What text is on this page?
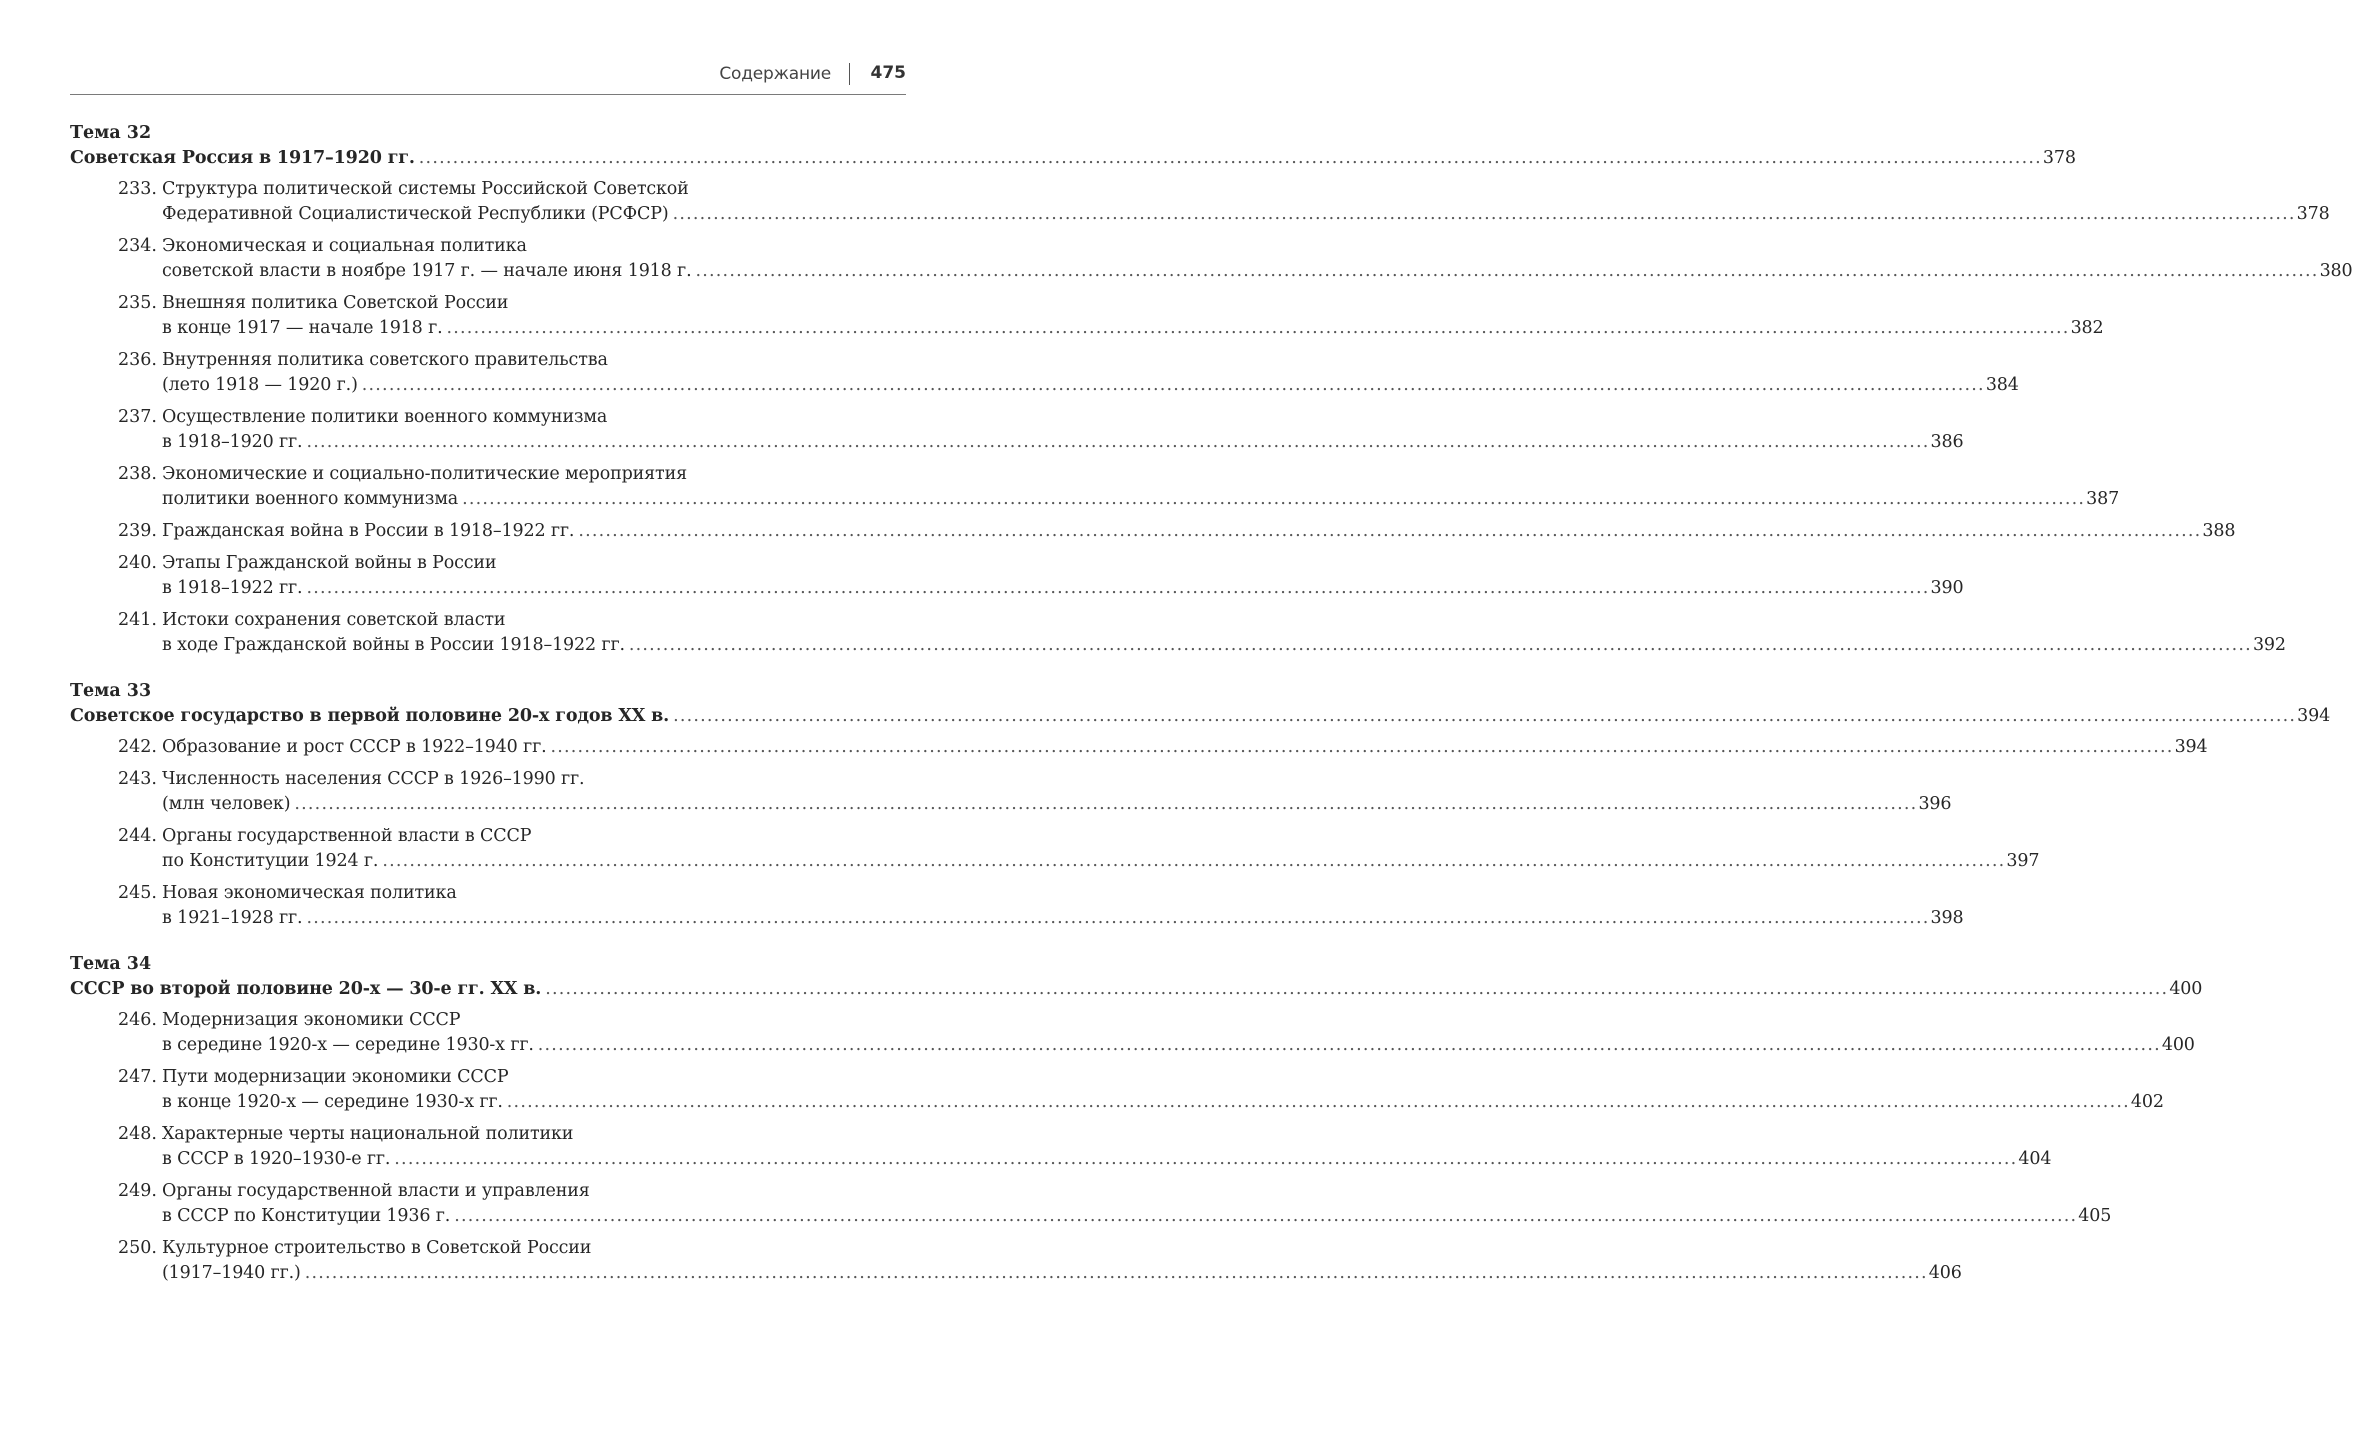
Содержание 475
Тема 32
Советская Россия в 1917–1920 гг. .....	378
233. Структура политической системы Российской Советской
Федеративной Социалистической Республики (РСФСР) .....	378
234. Экономическая и социальная политика
советской власти в ноябре 1917 г. — начале июня 1918 г. .....	380
235. Внешняя политика Советской России
в конце 1917 — начале 1918 г. .....	382
236. Внутренняя политика советского правительства
(лето 1918 — 1920 г.) .....	384
237. Осуществление политики военного коммунизма
в 1918–1920 гг. .....	386
238. Экономические и социально-политические мероприятия
политики военного коммунизма .....	387
239. Гражданская война в России в 1918–1922 гг. .....	388
240. Этапы Гражданской войны в России
в 1918–1922 гг. .....	390
241. Истоки сохранения советской власти
в ходе Гражданской войны в России 1918–1922 гг. .....	392
Тема 33
Советское государство в первой половине 20-х годов XX в. .....	394
242. Образование и рост СССР в 1922–1940 гг. .....	394
243. Численность населения СССР в 1926–1990 гг.
(млн человек) .....	396
244. Органы государственной власти в СССР
по Конституции 1924 г. .....	397
245. Новая экономическая политика
в 1921–1928 гг. .....	398
Тема 34
СССР во второй половине 20-х — 30-е гг. XX в. .....	400
246. Модернизация экономики СССР
в середине 1920-х — середине 1930-х гг. .....	400
247. Пути модернизации экономики СССР
в конце 1920-х — середине 1930-х гг. .....	402
248. Характерные черты национальной политики
в СССР в 1920–1930-е гг. .....	404
249. Органы государственной власти и управления
в СССР по Конституции 1936 г. .....	405
250. Культурное строительство в Советской России
(1917–1940 гг.) .....	406
